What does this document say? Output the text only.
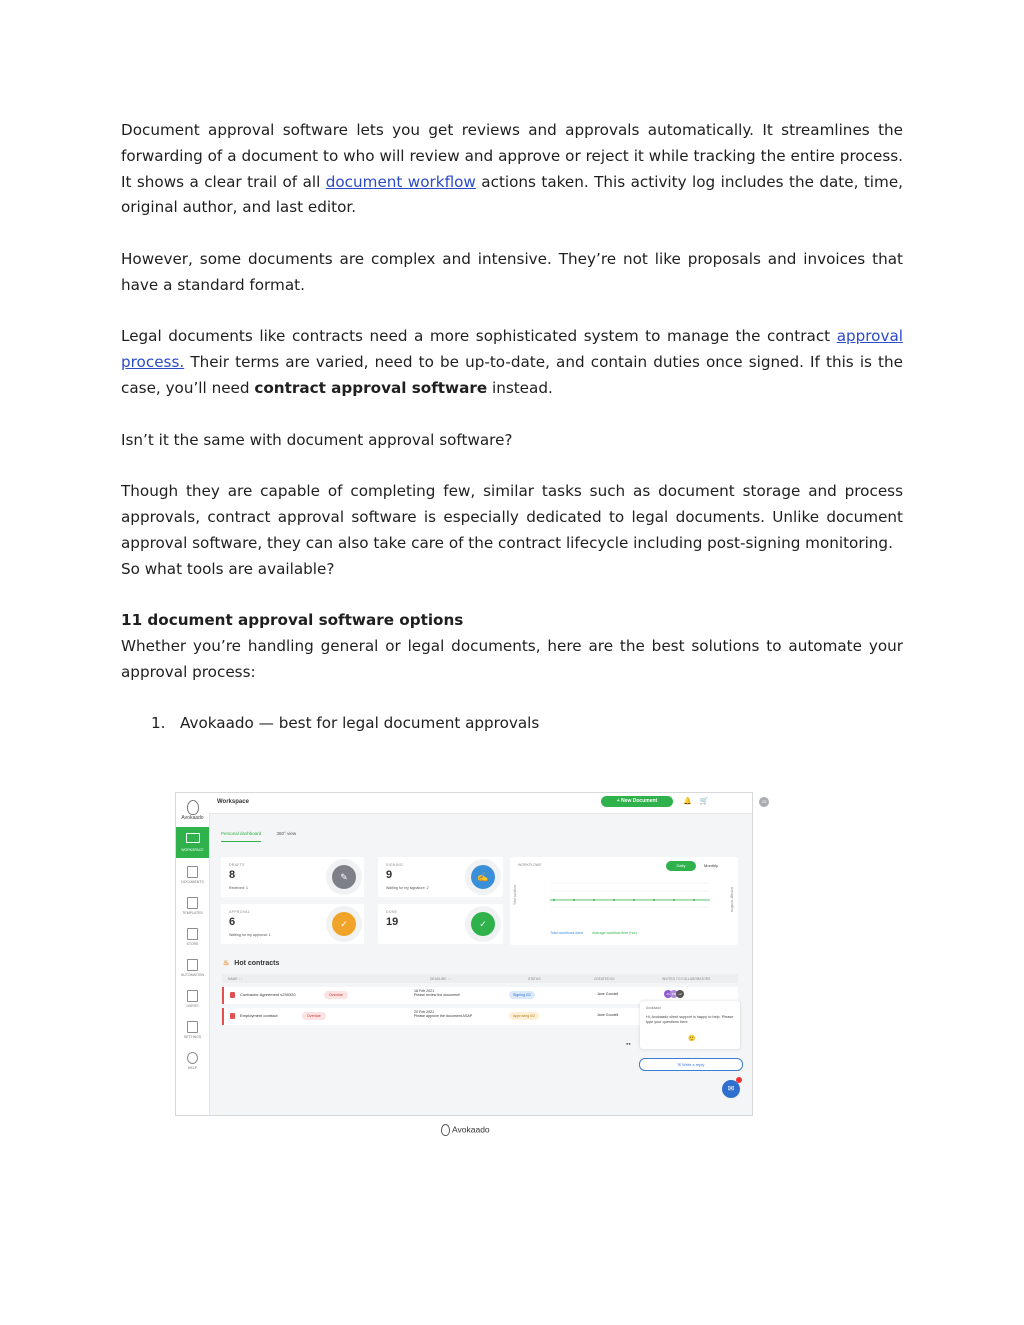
Document approval software lets you get reviews and approvals automatically. It streamlines the forwarding of a document to who will review and approve or reject it while tracking the entire process. It shows a clear trail of all document workflow actions taken. This activity log includes the date, time, original author, and last editor.

However, some documents are complex and intensive. They’re not like proposals and invoices that have a standard format.

Legal documents like contracts need a more sophisticated system to manage the contract approval process. Their terms are varied, need to be up-to-date, and contain duties once signed. If this is the case, you’ll need contract approval software instead.

Isn’t it the same with document approval software?

Though they are capable of completing few, similar tasks such as document storage and process approvals, contract approval software is especially dedicated to legal documents. Unlike document approval software, they can also take care of the contract lifecycle including post-signing monitoring.

So what tools are available?

11 document approval software options

Whether you’re handling general or legal documents, here are the best solutions to automate your approval process:

1. Avokaado — best for legal document approvals
Avokaado
WORKSPACE
DOCUMENTS
TEMPLATES
STORE
AUTOMATION
USERS
SETTINGS
HELP
Workspace	+ New Document	🔔 🛒	JG
Personal dashboard	360° view
DRAFTS
8
Received: 1
✎
SIGNING
9
Waiting for my signature: 2
✍
APPROVAL
6
Waiting for my approval: 1
✓
DONE
19	✓
WORKFLOWS	Daily	Monthly
Total workflow	Average workflow
Total workflows done Average workflow time (hrs)
♨ Hot contracts
NAME ↑ ↓	DEADLINE ↑ ↓	STATUS	CREATED BY	INVITED TO COLLABORATORS
Contractor Agreement v230320	Overdue
18 Feb 2021
Please review the document!	Signing 0/2	Jane Goodell	JG PM +2
Employment contract	Overdue
20 Feb 2021
Please approve the document ASAP	Approving 0/2	Jane Goodell
Avokaado
Hi, Avokaado client support is happy to help. Please type your questions here
🙂
●●
✉ Write a reply
✉
Avokaado
